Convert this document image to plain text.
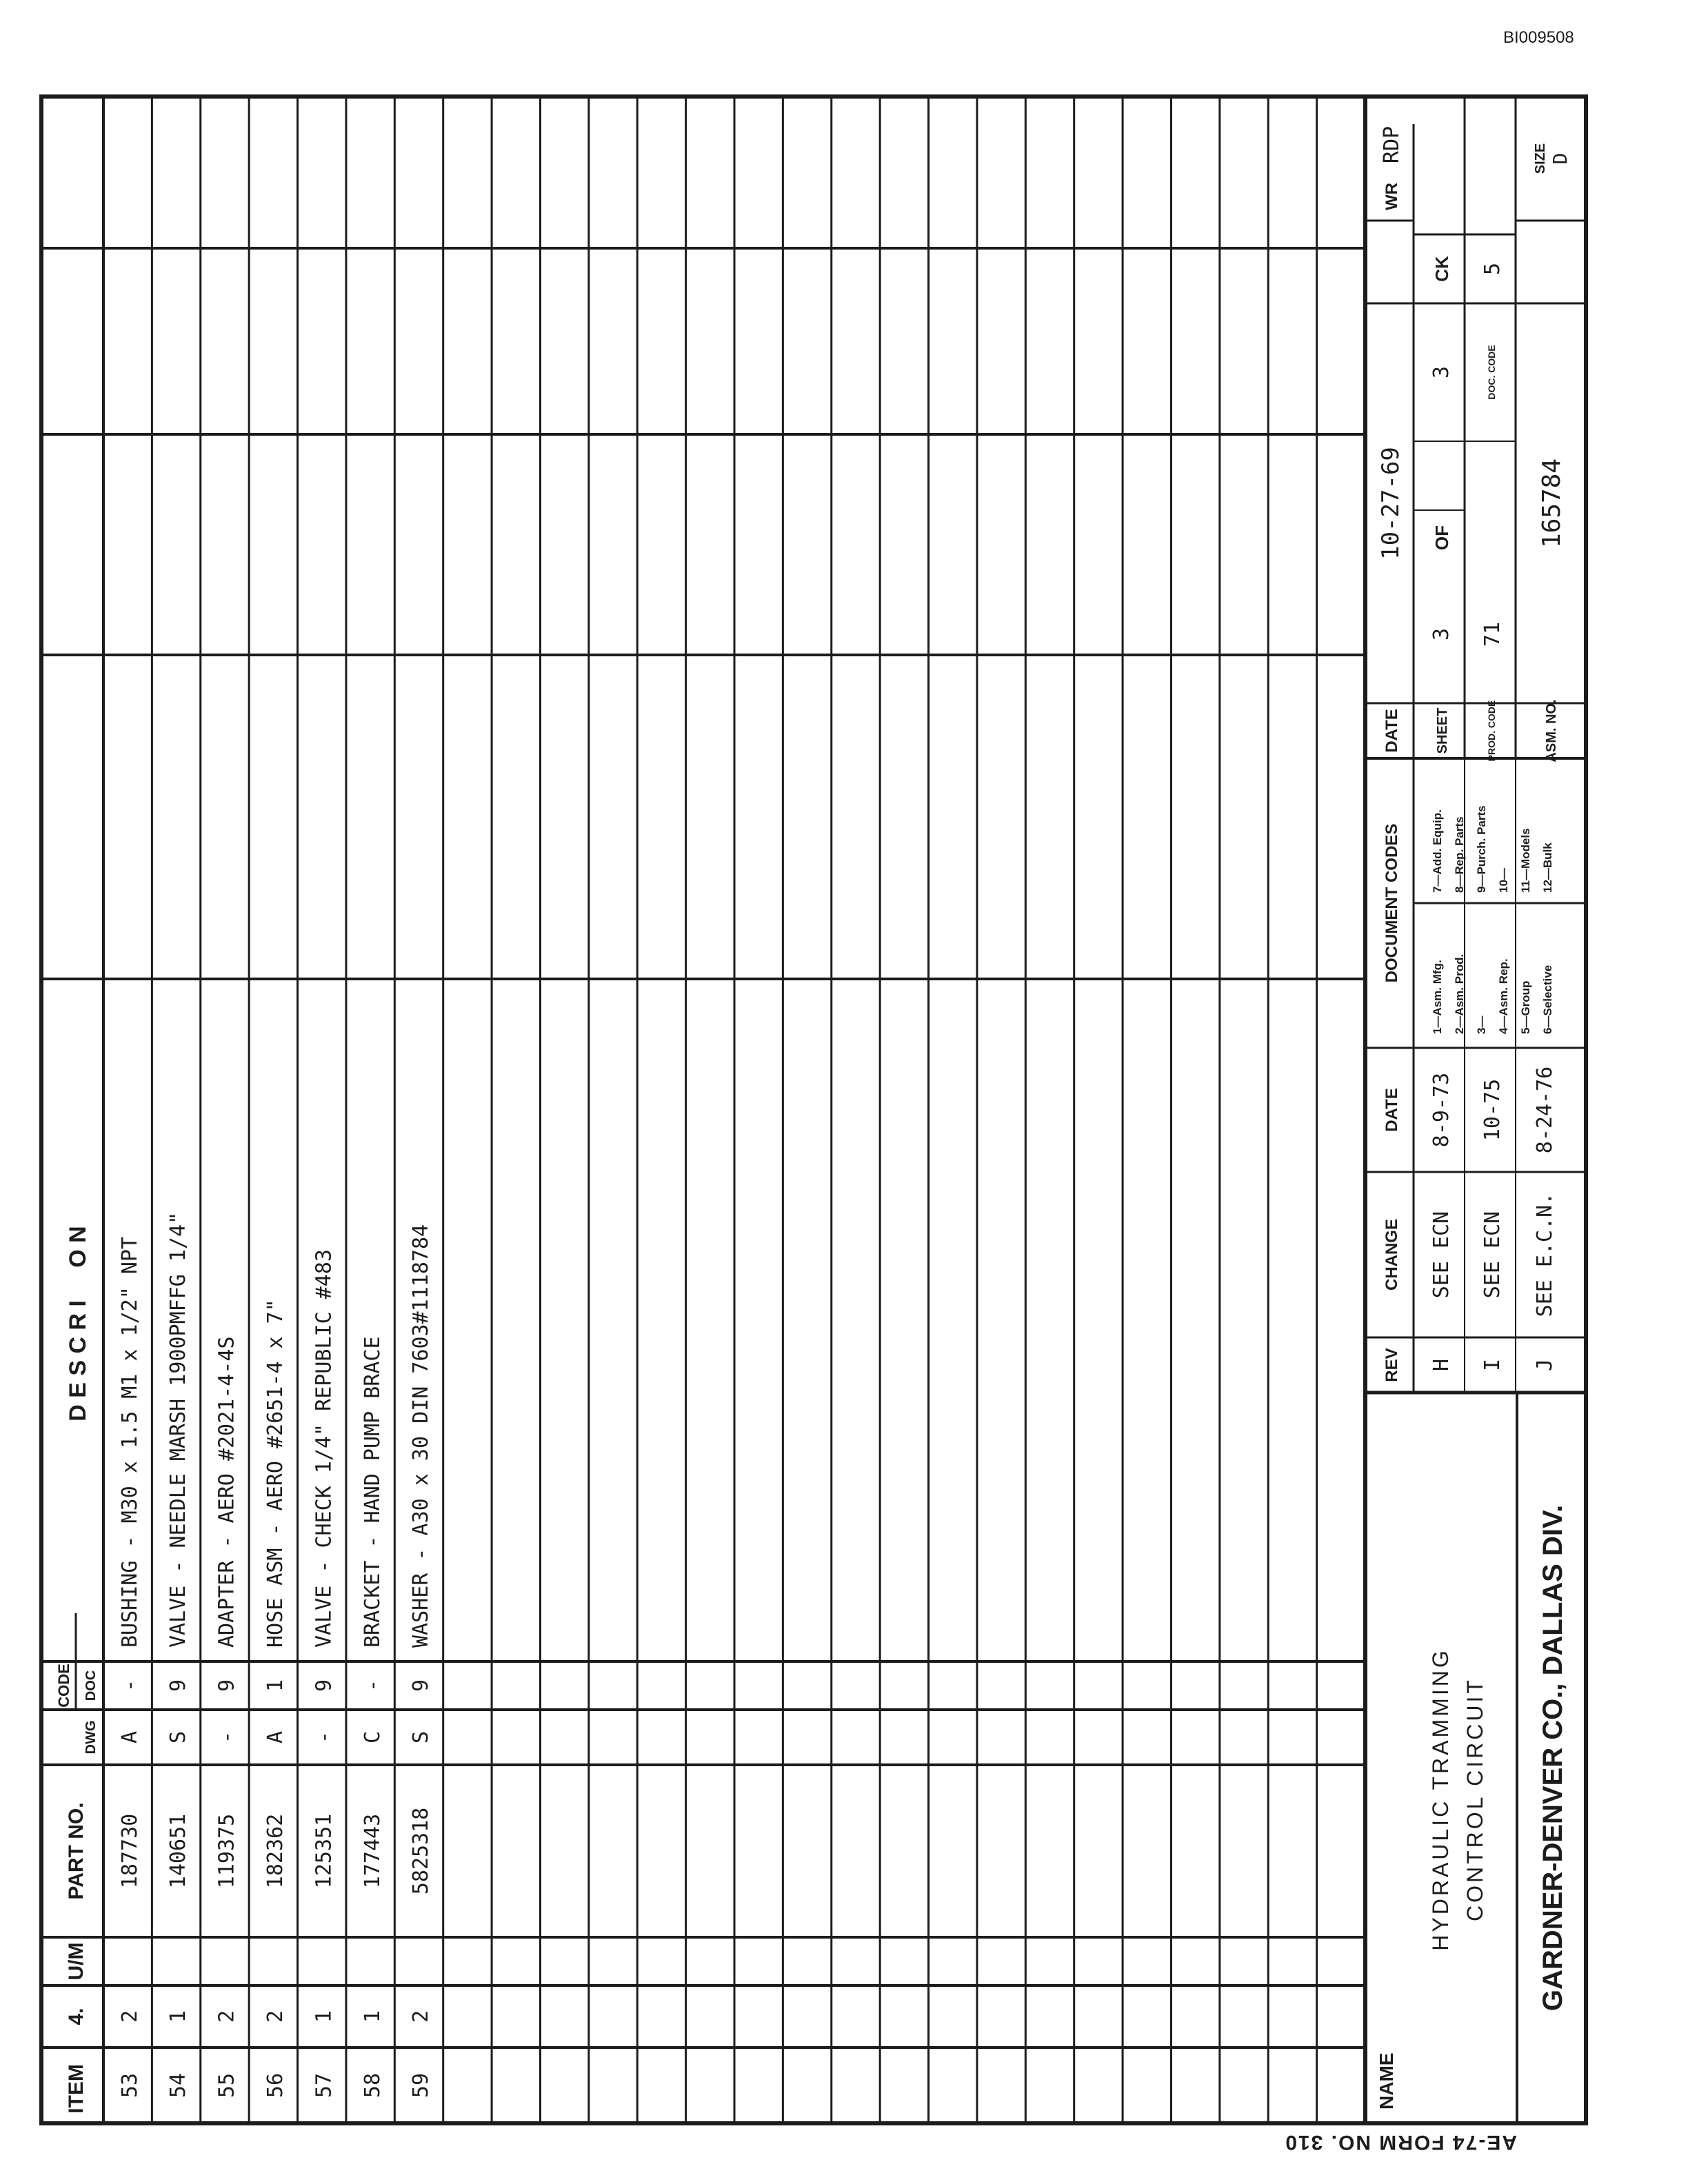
BI009508
ITEM
4.
U/M
PART NO.
CODE
DWG
DOC
D E S C R I     O N
53
2
187730
A
-
BUSHING - M30 x 1.5 M1 x 1/2" NPT
54
1
140651
S
9
VALVE - NEEDLE MARSH 1900PMFFG 1/4"
55
2
119375
-
9
ADAPTER - AERO #2021-4-4S
56
2
182362
A
1
HOSE ASM - AERO #2651-4 x 7"
57
1
125351
-
9
VALVE - CHECK 1/4" REPUBLIC #483
58
1
177443
C
-
BRACKET - HAND PUMP BRACE
59
2
5825318
S
9
WASHER - A30 x 30 DIN 7603#1118784
NAME
HYDRAULIC TRAMMING CONTROL CIRCUIT GARDNER-DENVER CO., DALLAS DIV.
REV
CHANGE
DATE
H
SEE ECN
8-9-73
I
SEE ECN
10-75
J
SEE E.C.N.
8-24-76
DOCUMENT CODES
1—Asm. Mfg. 2—Asm. Prod. 3— 4—Asm. Rep. 5—Group 6—Selective
7—Add. Equip. 8—Rep. Parts 9—Purch. Parts 10— 11—Models 12—Bulk
DATE
10-27-69
WR
RDP
SHEET
3
OF
3
CK
PROD. CODE
71
DOC. CODE
5
ASM. NO.
165784
SIZE D
AE-74 FORM NO. 310
